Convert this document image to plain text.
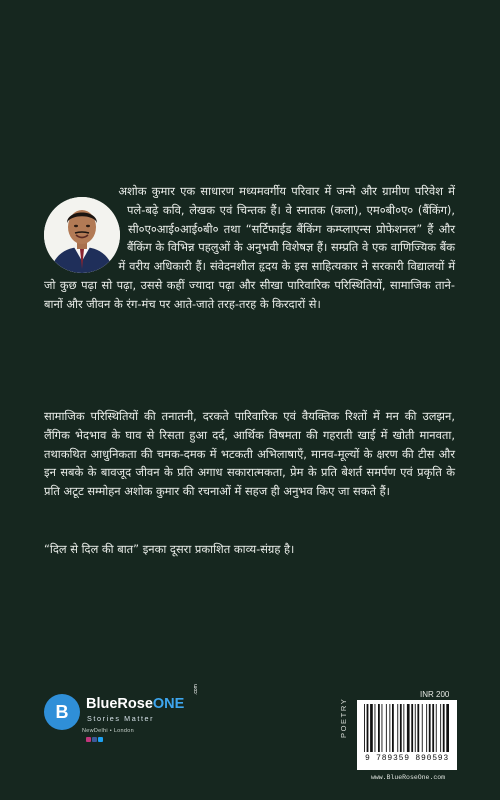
अशोक कुमार एक साधारण मध्यमवर्गीय परिवार में जन्मे और ग्रामीण परिवेश में पले-बढ़े कवि, लेखक एवं चिन्तक हैं। वे स्नातक (कला), एम०बी०ए० (बैंकिंग), सी०ए०आई०आई०बी० तथा “सर्टिफाईड बैंकिंग कम्प्लाएन्स प्रोफेशनल” हैं और बैंकिंग के विभिन्न पहलुओं के अनुभवी विशेषज्ञ हैं। सम्प्रति वे एक वाणिज्यिक बैंक में वरीय अधिकारी हैं। संवेदनशील हृदय के इस साहित्यकार ने सरकारी विद्यालयों में जो कुछ पढ़ा सो पढ़ा, उससे कहीं ज्यादा पढ़ा और सीखा पारिवारिक परिस्थितियों, सामाजिक ताने-बानों और जीवन के रंग-मंच पर आते-जाते तरह-तरह के किरदारों से।

सामाजिक परिस्थितियों की तनातनी, दरकते पारिवारिक एवं वैयक्तिक रिश्तों में मन की उलझन, लैंगिक भेदभाव के घाव से रिसता हुआ दर्द, आर्थिक विषमता की गहराती खाई में खोती मानवता, तथाकथित आधुनिकता की चमक-दमक में भटकती अभिलाषाएँ, मानव-मूल्यों के क्षरण की टीस और इन सबके के बावजूद जीवन के प्रति अगाध सकारात्मकता, प्रेम के प्रति बेशर्त समर्पण एवं प्रकृति के प्रति अटूट सम्मोहन अशोक कुमार की रचनाओं में सहज ही अनुभव किए जा सकते हैं।

“दिल से दिल की बात” इनका दूसरा प्रकाशित काव्य-संग्रह है।

B	BlueRoseONE
.com
Stories Matter
NewDelhi • London	POETRY
INR 200
9 789359 890593
www.BlueRoseOne.com
